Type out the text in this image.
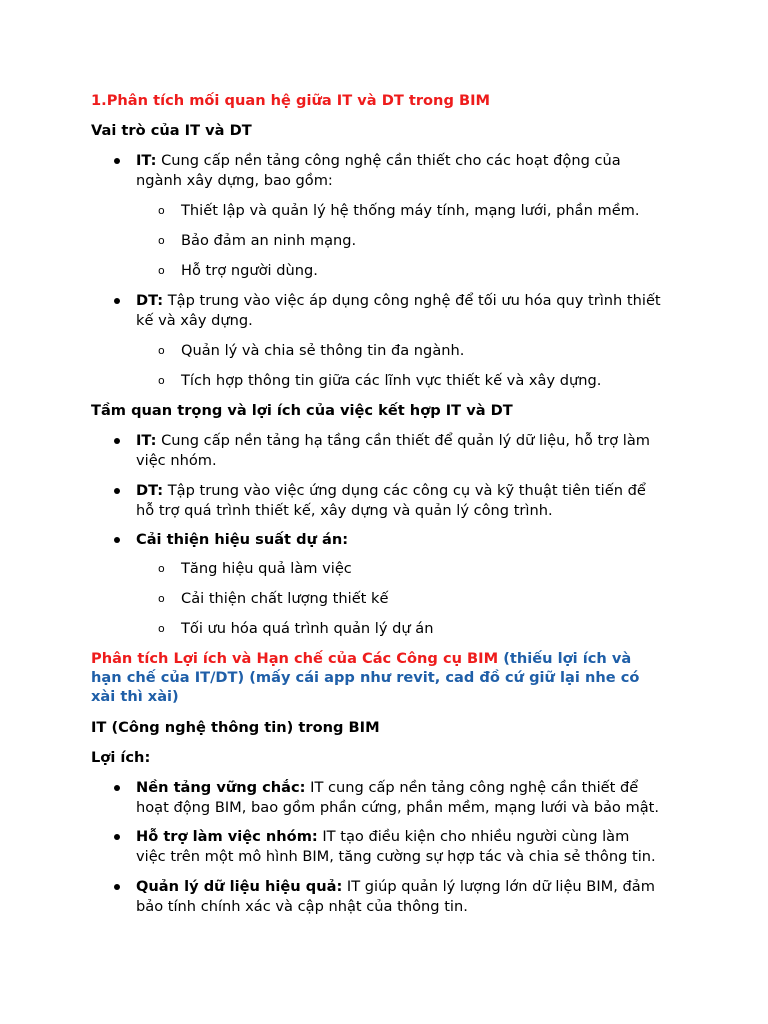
1.Phân tích mối quan hệ giữa IT và DT trong BIM
Vai trò của IT và DT
IT: Cung cấp nền tảng công nghệ cần thiết cho các hoạt động của
ngành xây dựng, bao gồm:
o Thiết lập và quản lý hệ thống máy tính, mạng lưới, phần mềm.
o Bảo đảm an ninh mạng.
o Hỗ trợ người dùng.
DT: Tập trung vào việc áp dụng công nghệ để tối ưu hóa quy trình thiết
kế và xây dựng.
o Quản lý và chia sẻ thông tin đa ngành.
o Tích hợp thông tin giữa các lĩnh vực thiết kế và xây dựng.
Tầm quan trọng và lợi ích của việc kết hợp IT và DT
IT: Cung cấp nền tảng hạ tầng cần thiết để quản lý dữ liệu, hỗ trợ làm
việc nhóm.
DT: Tập trung vào việc ứng dụng các công cụ và kỹ thuật tiên tiến để
hỗ trợ quá trình thiết kế, xây dựng và quản lý công trình.
Cải thiện hiệu suất dự án:
o Tăng hiệu quả làm việc
o Cải thiện chất lượng thiết kế
o Tối ưu hóa quá trình quản lý dự án
Phân tích Lợi ích và Hạn chế của Các Công cụ BIM (thiếu lợi ích và
hạn chế của IT/DT) (mấy cái app như revit, cad đồ cứ giữ lại nhe có
xài thì xài)
IT (Công nghệ thông tin) trong BIM
Lợi ích:
Nền tảng vững chắc: IT cung cấp nền tảng công nghệ cần thiết để
hoạt động BIM, bao gồm phần cứng, phần mềm, mạng lưới và bảo mật.
Hỗ trợ làm việc nhóm: IT tạo điều kiện cho nhiều người cùng làm
việc trên một mô hình BIM, tăng cường sự hợp tác và chia sẻ thông tin.
Quản lý dữ liệu hiệu quả: IT giúp quản lý lượng lớn dữ liệu BIM, đảm
bảo tính chính xác và cập nhật của thông tin.
